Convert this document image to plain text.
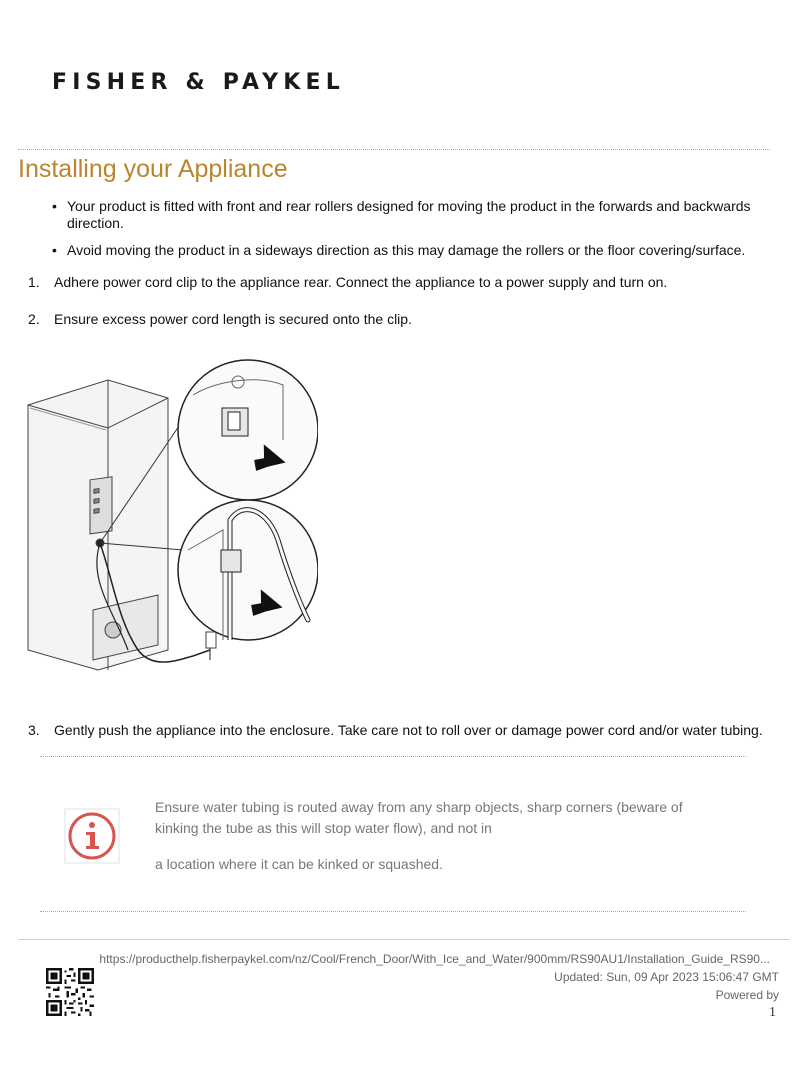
FISHER & PAYKEL
Installing your Appliance
• Your product is fitted with front and rear rollers designed for moving the product in the forwards and backwards direction.
• Avoid moving the product in a sideways direction as this may damage the rollers or the floor covering/surface.
1. Adhere power cord clip to the appliance rear. Connect the appliance to a power supply and turn on.
2. Ensure excess power cord length is secured onto the clip.
3. Gently push the appliance into the enclosure. Take care not to roll over or damage power cord and/or water tubing.
Ensure water tubing is routed away from any sharp objects, sharp corners (beware of kinking the tube as this will stop water flow), and not in
a location where it can be kinked or squashed.
https://producthelp.fisherpaykel.com/nz/Cool/French_Door/With_Ice_and_Water/900mm/RS90AU1/Installation_Guide_RS90...
Updated: Sun, 09 Apr 2023 15:06:47 GMT
Powered by
1
